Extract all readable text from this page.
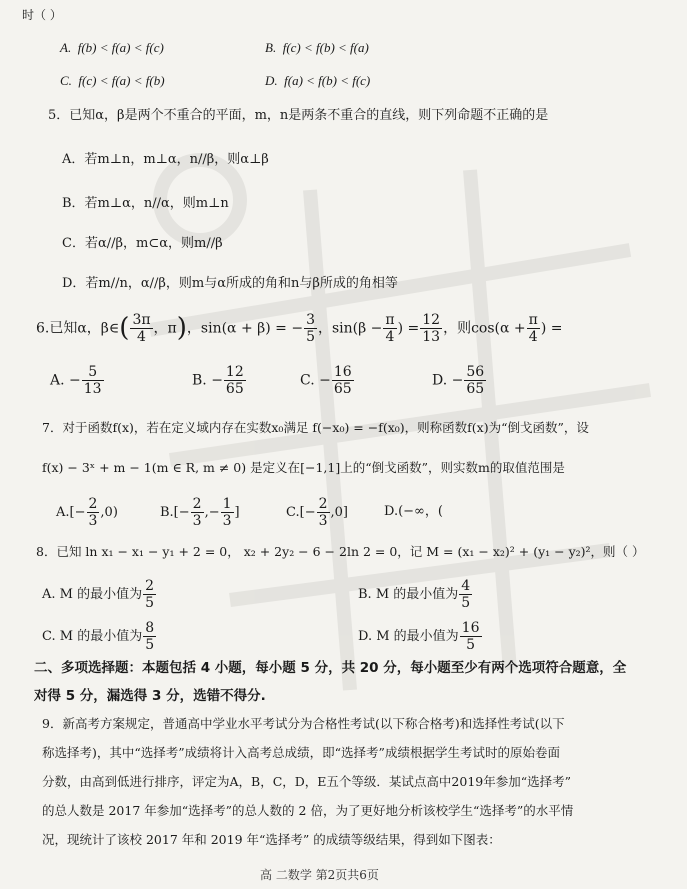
时（ ）
A. f(b) < f(a) < f(c)	B. f(c) < f(b) < f(a)
C. f(c) < f(a) < f(b)	D. f(a) < f(b) < f(c)
5．已知α，β是两个不重合的平面，m，n是两条不重合的直线，则下列命题不正确的是
A．若m⊥n，m⊥α，n//β，则α⊥β
B．若m⊥α，n//α，则m⊥n
C．若α//β，m⊂α，则m//β
D．若m//n，α//β，则m与α所成的角和n与β所成的角相等
6.已知α，β∈( $\frac{3\pi}{4}$ ，π)，sin(α + β) = − $\frac{3}{5}$ ，$\sin(\beta - \frac{\pi}{4}$ ) = $\frac{12}{13}$ ，则$\cos(\alpha + \frac{\pi}{4}$ ) =
A. − $\frac{5}{13}$	B. − $\frac{12}{65}$	C. − $\frac{16}{65}$	D. − $\frac{56}{65}$
7．对于函数f(x)，若在定义域内存在实数x₀满足 f(−x₀) = −f(x₀)，则称函数f(x)为“倒戈函数”，设
f(x) − 3ˣ + m − 1(m ∈ R, m ≠ 0) 是定义在[−1,1]上的“倒戈函数”，则实数m的取值范围是
$A.[- \frac{2}{3} ,0)$	$B.[- \frac{2}{3}$ ,− $\frac{1}{3}$ ]	$C.[- \frac{2}{3} ,0]$	D.(−∞，(
8．已知 ln x₁ − x₁ − y₁ + 2 = 0， x₂ + 2y₂ − 6 − 2ln 2 = 0，记 M = (x₁ − x₂)² + (y₁ − y₂)²，则（ ）
A. M 的最小值为 $\frac{2}{5}$	B. M 的最小值为 $\frac{4}{5}$
C. M 的最小值为 $\frac{8}{5}$	D. M 的最小值为 $\frac{16}{5}$
二、多项选择题：本题包括 4 小题，每小题 5 分，共 20 分，每小题至少有两个选项符合题意，全
对得 5 分，漏选得 3 分，选错不得分.
9．新高考方案规定，普通高中学业水平考试分为合格性考试(以下称合格考)和选择性考试(以下
称选择考)，其中“选择考”成绩将计入高考总成绩，即“选择考”成绩根据学生考试时的原始卷面
分数，由高到低进行排序，评定为A，B，C，D，E五个等级．某试点高中2019年参加“选择考”
的总人数是 2017 年参加“选择考”的总人数的 2 倍，为了更好地分析该校学生“选择考”的水平情
况，现统计了该校 2017 年和 2019 年“选择考” 的成绩等级结果，得到如下图表：
高 二数学 第2页共6页
